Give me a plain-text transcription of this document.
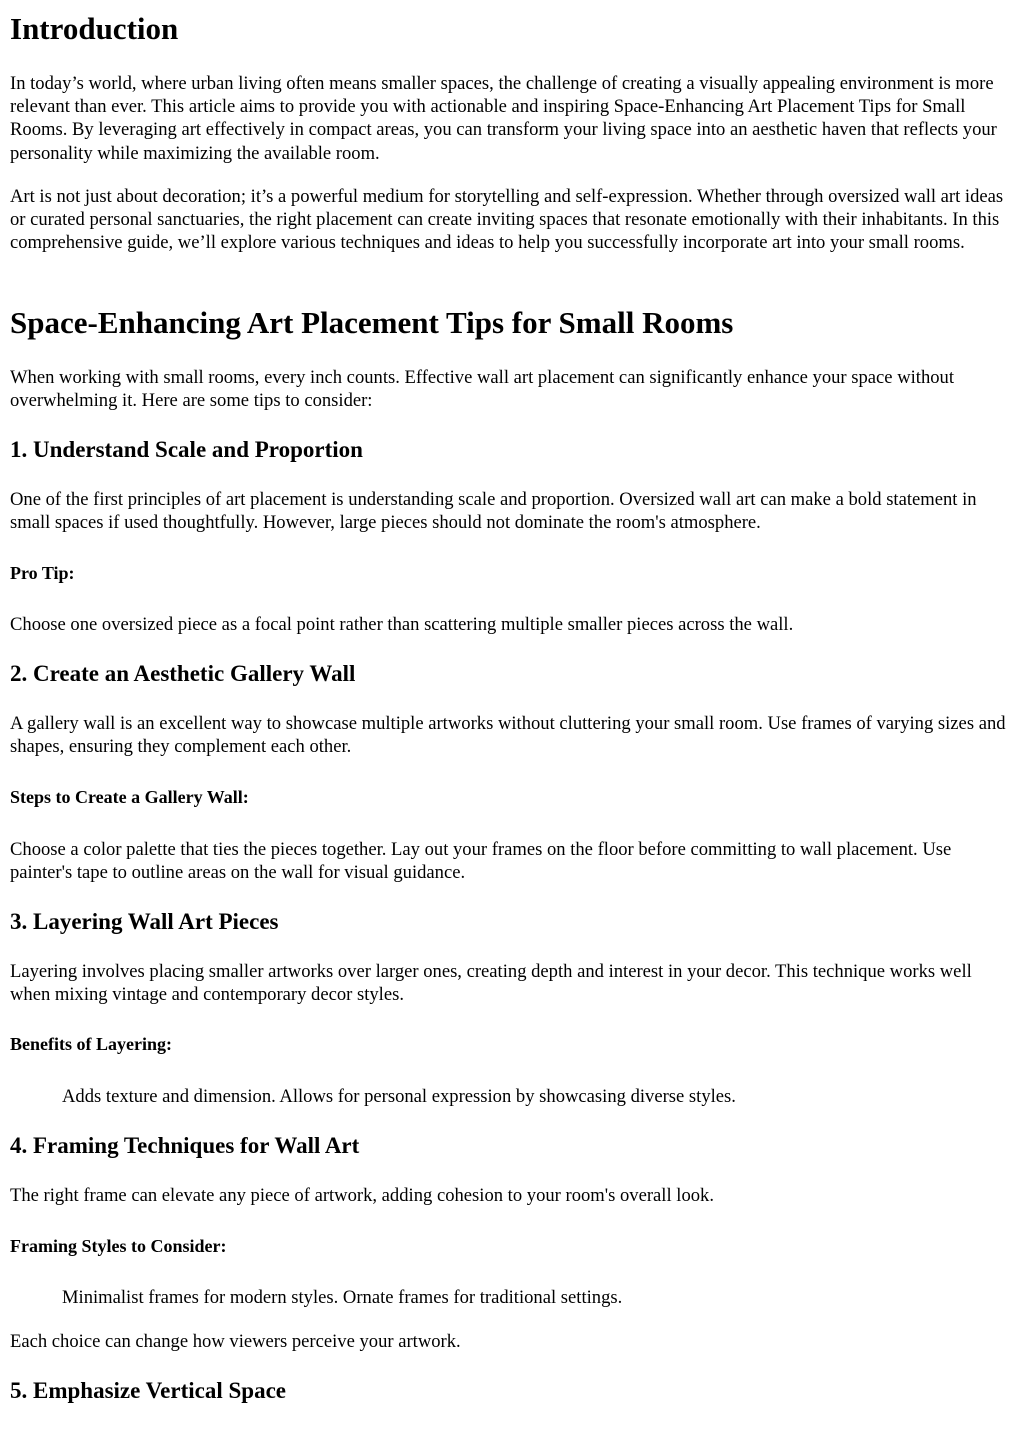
Introduction

In today’s world, where urban living often means smaller spaces, the challenge of creating a visually appealing environment is more relevant than ever. This article aims to provide you with actionable and inspiring Space-Enhancing Art Placement Tips for Small Rooms. By leveraging art effectively in compact areas, you can transform your living space into an aesthetic haven that reflects your personality while maximizing the available room.

Art is not just about decoration; it’s a powerful medium for storytelling and self-expression. Whether through oversized wall art ideas or curated personal sanctuaries, the right placement can create inviting spaces that resonate emotionally with their inhabitants. In this comprehensive guide, we’ll explore various techniques and ideas to help you successfully incorporate art into your small rooms.

Space-Enhancing Art Placement Tips for Small Rooms

When working with small rooms, every inch counts. Effective wall art placement can significantly enhance your space without overwhelming it. Here are some tips to consider:

1. Understand Scale and Proportion

One of the first principles of art placement is understanding scale and proportion. Oversized wall art can make a bold statement in small spaces if used thoughtfully. However, large pieces should not dominate the room's atmosphere.

Pro Tip:

Choose one oversized piece as a focal point rather than scattering multiple smaller pieces across the wall.

2. Create an Aesthetic Gallery Wall

A gallery wall is an excellent way to showcase multiple artworks without cluttering your small room. Use frames of varying sizes and shapes, ensuring they complement each other.

Steps to Create a Gallery Wall:

Choose a color palette that ties the pieces together. Lay out your frames on the floor before committing to wall placement. Use painter's tape to outline areas on the wall for visual guidance.

3. Layering Wall Art Pieces

Layering involves placing smaller artworks over larger ones, creating depth and interest in your decor. This technique works well when mixing vintage and contemporary decor styles.

Benefits of Layering:

Adds texture and dimension. Allows for personal expression by showcasing diverse styles.

4. Framing Techniques for Wall Art

The right frame can elevate any piece of artwork, adding cohesion to your room's overall look.

Framing Styles to Consider:

Minimalist frames for modern styles. Ornate frames for traditional settings.

Each choice can change how viewers perceive your artwork.

5. Emphasize Vertical Space
